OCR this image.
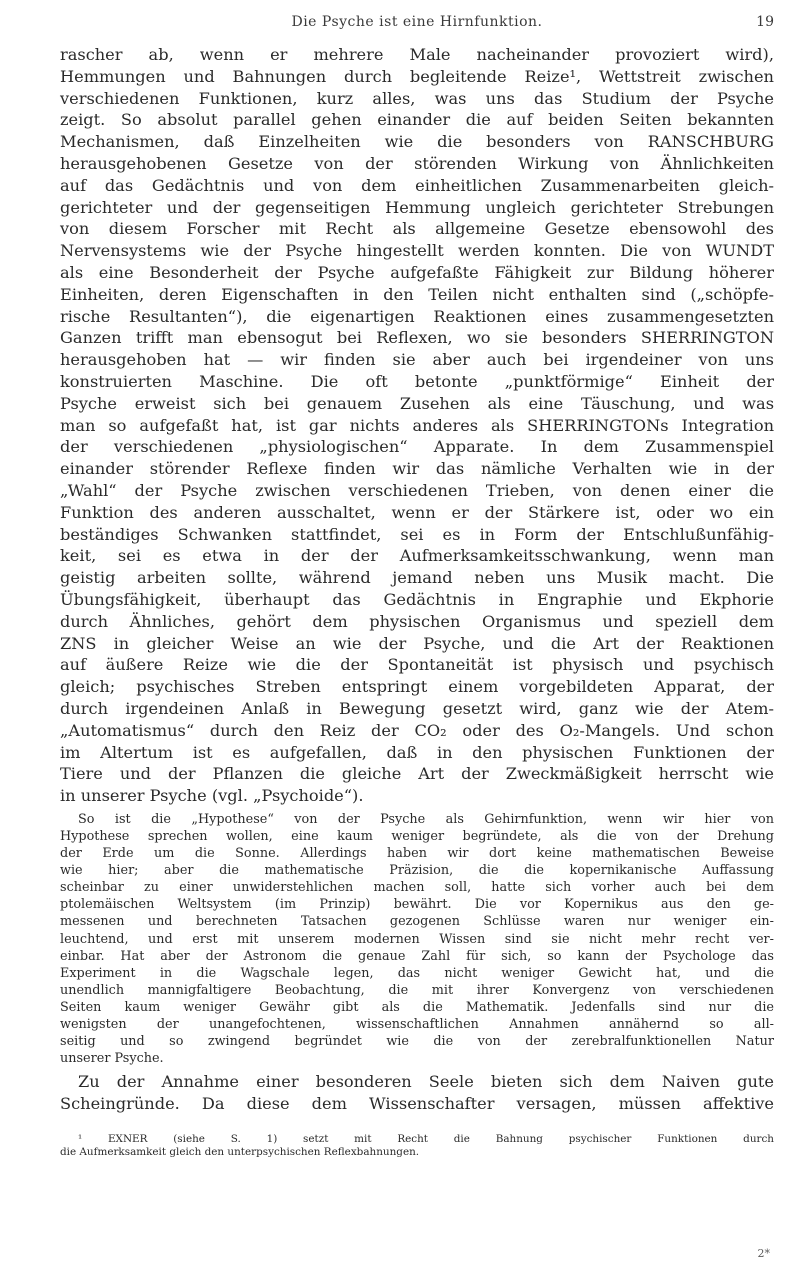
Die Psyche ist eine Hirnfunktion.	19
rascher ab, wenn er mehrere Male nacheinander provoziert wird),
Hemmungen und Bahnungen durch begleitende Reize¹, Wettstreit zwischen
verschiedenen Funktionen, kurz alles, was uns das Studium der Psyche
zeigt. So absolut parallel gehen einander die auf beiden Seiten bekannten
Mechanismen, daß Einzelheiten wie die besonders von RANSCHBURG
herausgehobenen Gesetze von der störenden Wirkung von Ähnlichkeiten
auf das Gedächtnis und von dem einheitlichen Zusammenarbeiten gleich-
gerichteter und der gegenseitigen Hemmung ungleich gerichteter Strebungen
von diesem Forscher mit Recht als allgemeine Gesetze ebensowohl des
Nervensystems wie der Psyche hingestellt werden konnten. Die von WUNDT
als eine Besonderheit der Psyche aufgefaßte Fähigkeit zur Bildung höherer
Einheiten, deren Eigenschaften in den Teilen nicht enthalten sind („schöpfe-
rische Resultanten“), die eigenartigen Reaktionen eines zusammengesetzten
Ganzen trifft man ebensogut bei Reflexen, wo sie besonders SHERRINGTON
herausgehoben hat — wir finden sie aber auch bei irgendeiner von uns
konstruierten Maschine. Die oft betonte „punktförmige“ Einheit der
Psyche erweist sich bei genauem Zusehen als eine Täuschung, und was
man so aufgefaßt hat, ist gar nichts anderes als SHERRINGTONs Integration
der verschiedenen „physiologischen“ Apparate. In dem Zusammenspiel
einander störender Reflexe finden wir das nämliche Verhalten wie in der
„Wahl“ der Psyche zwischen verschiedenen Trieben, von denen einer die
Funktion des anderen ausschaltet, wenn er der Stärkere ist, oder wo ein
beständiges Schwanken stattfindet, sei es in Form der Entschlußunfähig-
keit, sei es etwa in der der Aufmerksamkeitsschwankung, wenn man
geistig arbeiten sollte, während jemand neben uns Musik macht. Die
Übungsfähigkeit, überhaupt das Gedächtnis in Engraphie und Ekphorie
durch Ähnliches, gehört dem physischen Organismus und speziell dem
ZNS in gleicher Weise an wie der Psyche, und die Art der Reaktionen
auf äußere Reize wie die der Spontaneität ist physisch und psychisch
gleich; psychisches Streben entspringt einem vorgebildeten Apparat, der
durch irgendeinen Anlaß in Bewegung gesetzt wird, ganz wie der Atem-
„Automatismus“ durch den Reiz der CO₂ oder des O₂-Mangels. Und schon
im Altertum ist es aufgefallen, daß in den physischen Funktionen der
Tiere und der Pflanzen die gleiche Art der Zweckmäßigkeit herrscht wie
in unserer Psyche (vgl. „Psychoide“).
So ist die „Hypothese“ von der Psyche als Gehirnfunktion, wenn wir hier von
Hypothese sprechen wollen, eine kaum weniger begründete, als die von der Drehung
der Erde um die Sonne. Allerdings haben wir dort keine mathematischen Beweise
wie hier; aber die mathematische Präzision, die die kopernikanische Auffassung
scheinbar zu einer unwiderstehlichen machen soll, hatte sich vorher auch bei dem
ptolemäischen Weltsystem (im Prinzip) bewährt. Die vor Kopernikus aus den ge-
messenen und berechneten Tatsachen gezogenen Schlüsse waren nur weniger ein-
leuchtend, und erst mit unserem modernen Wissen sind sie nicht mehr recht ver-
einbar. Hat aber der Astronom die genaue Zahl für sich, so kann der Psychologe das
Experiment in die Wagschale legen, das nicht weniger Gewicht hat, und die
unendlich mannigfaltigere Beobachtung, die mit ihrer Konvergenz von verschiedenen
Seiten kaum weniger Gewähr gibt als die Mathematik. Jedenfalls sind nur die
wenigsten der unangefochtenen, wissenschaftlichen Annahmen annähernd so all-
seitig und so zwingend begründet wie die von der zerebralfunktionellen Natur
unserer Psyche.
Zu der Annahme einer besonderen Seele bieten sich dem Naiven gute
Scheingründe. Da diese dem Wissenschafter versagen, müssen affektive
¹ EXNER (siehe S. 1) setzt mit Recht die Bahnung psychischer Funktionen durch
die Aufmerksamkeit gleich den unterpsychischen Reflexbahnungen.
2*
